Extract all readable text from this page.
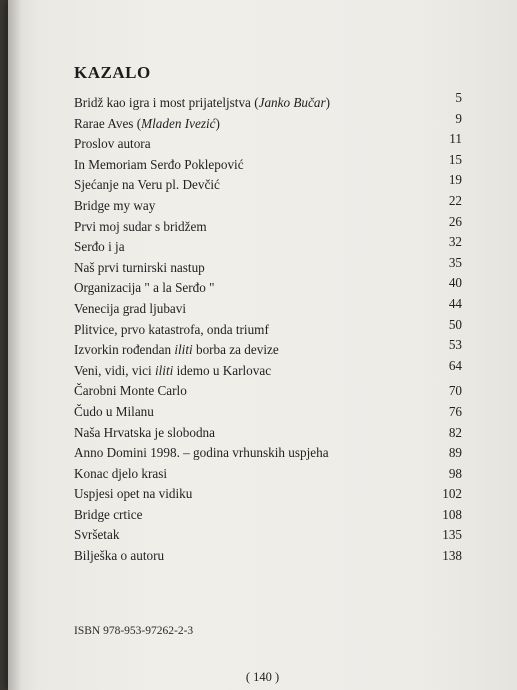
KAZALO
Bridž kao igra i most prijateljstva (Janko Bučar)	5
Rarae Aves (Mladen Ivezić)	9
Proslov autora	11
In Memoriam Serđo Poklepović	15
Sjećanje na Veru pl. Devčić	19
Bridge my way	22
Prvi moj sudar s bridžem	26
Serđo i ja	32
Naš prvi turnirski nastup	35
Organizacija " a la Serđo "	40
Venecija grad ljubavi	44
Plitvice, prvo katastrofa, onda triumf	50
Izvorkin rođendan iliti borba za devize	53
Veni, vidi, vici iliti idemo u Karlovac	64
Čarobni Monte Carlo	70
Čudo u Milanu	76
Naša Hrvatska je slobodna	82
Anno Domini 1998. – godina vrhunskih uspjeha	89
Konac djelo krasi	98
Uspjesi opet na vidiku	102
Bridge crtice	108
Svršetak	135
Bilješka o autoru	138
ISBN 978-953-97262-2-3
( 140 )
